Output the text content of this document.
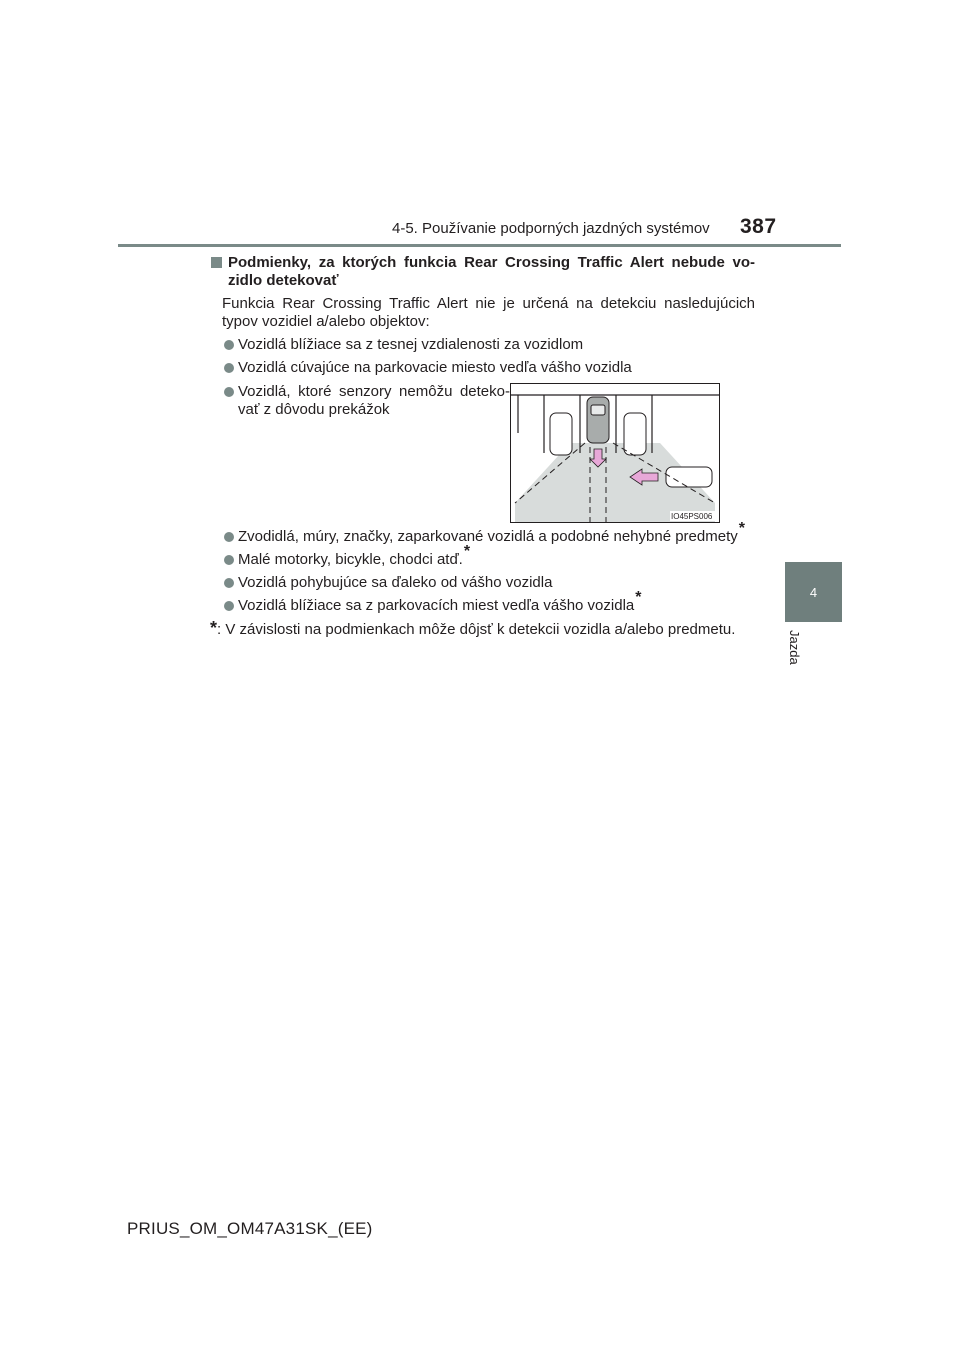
4-5. Používanie podporných jazdných systémov 387
4
Jazda
Podmienky, za ktorých funkcia Rear Crossing Traffic Alert nebude vo-zidlo detekovať
Funkcia Rear Crossing Traffic Alert nie je určená na detekciu nasledujúcich typov vozidiel a/alebo objektov:
Vozidlá blížiace sa z tesnej vzdialenosti za vozidlom
Vozidlá cúvajúce na parkovacie miesto vedľa vášho vozidla
Vozidlá, ktoré senzory nemôžu deteko-vať z dôvodu prekážok
IO45PS006
Zvodidlá, múry, značky, zaparkované vozidlá a podobné nehybné predmety*
Malé motorky, bicykle, chodci atď.*
Vozidlá pohybujúce sa ďaleko od vášho vozidla
Vozidlá blížiace sa z parkovacích miest vedľa vášho vozidla*
* : V závislosti na podmienkach môže dôjsť k detekcii vozidla a/alebo predmetu.
PRIUS_OM_OM47A31SK_(EE)
